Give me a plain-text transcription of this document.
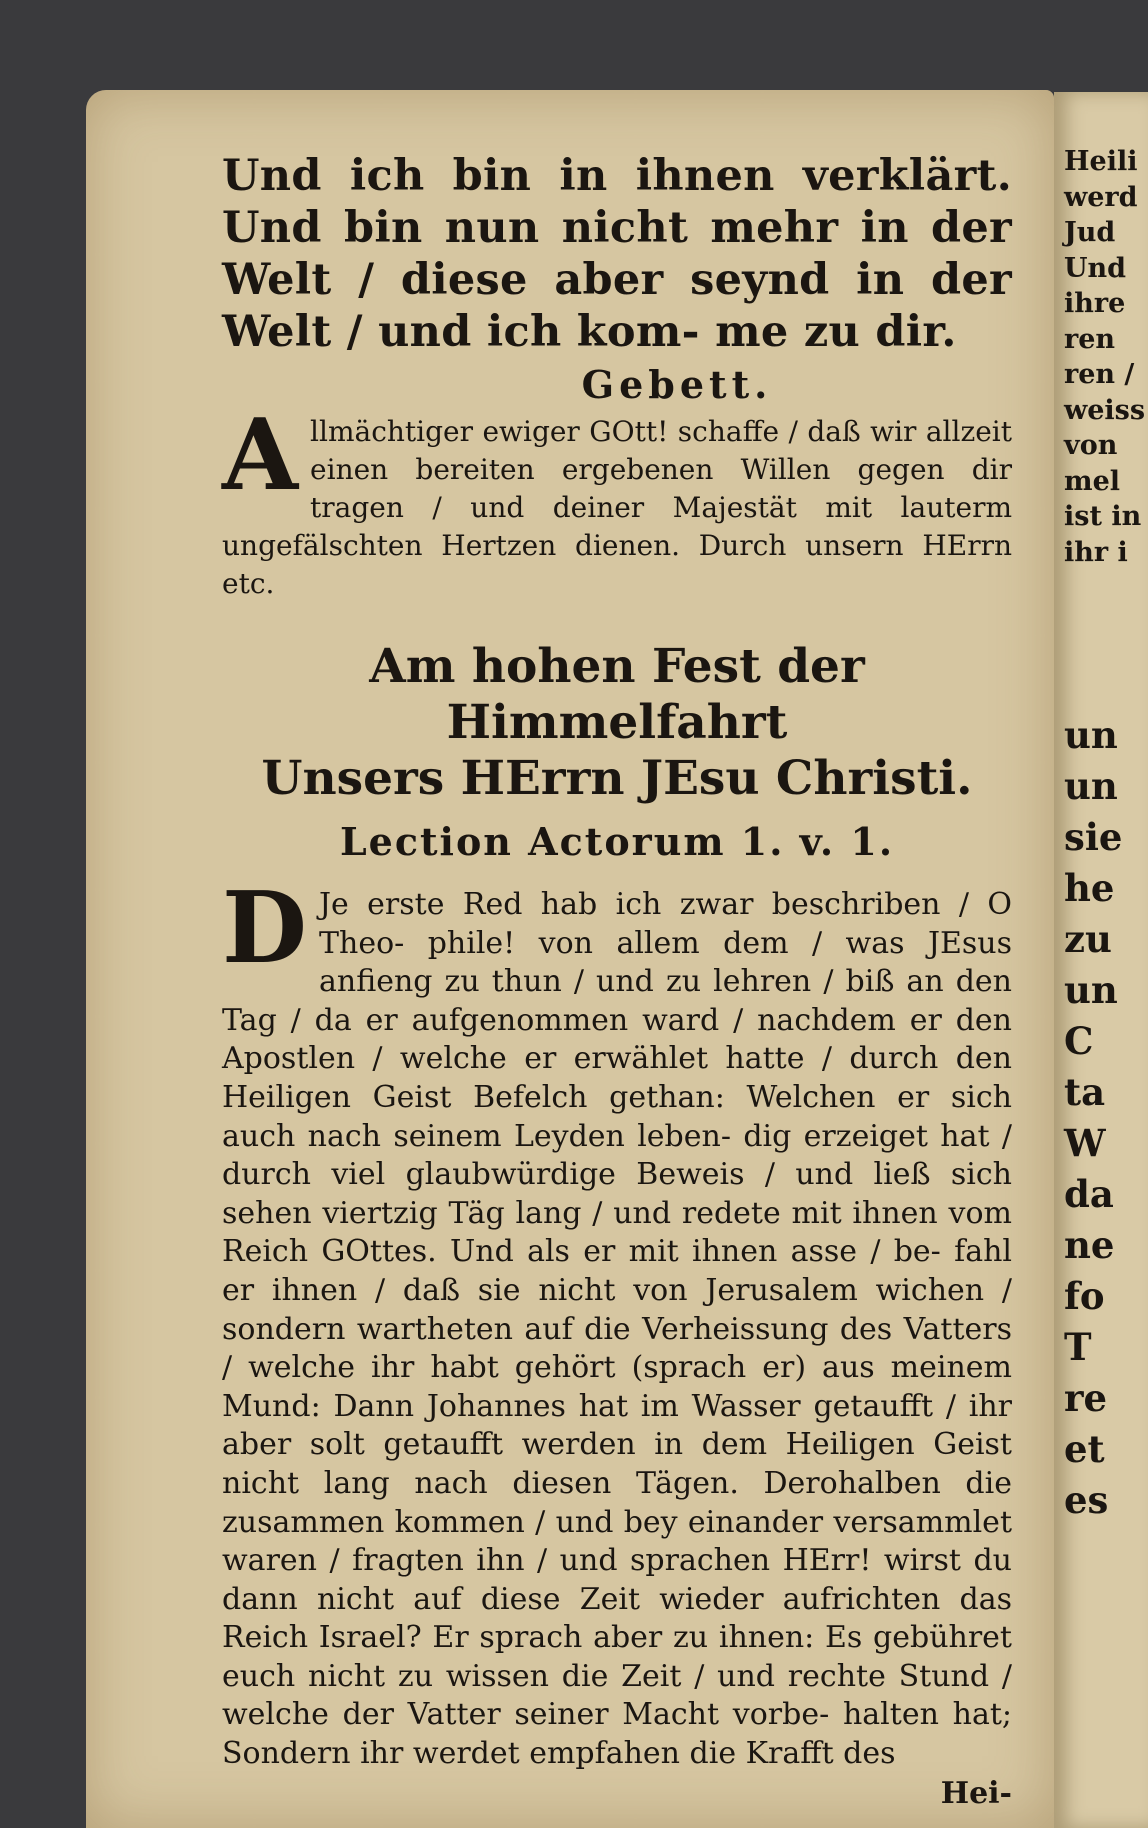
Heili
werd
Jud
Und
ihre
ren
ren /
weiss
von
mel
ist in
ihr i
un
un
sie
he
zu
un
C
ta
W
da
ne
fo
T
re
et
es

Und ich bin in ihnen verklärt. Und bin nun nicht mehr in der Welt / diese aber seynd in der Welt / und ich kom‑ me zu dir.

Gebett.
A llmächtiger ewiger GOtt! schaffe / daß wir allzeit einen bereiten ergebenen Willen gegen dir tragen / und deiner Majestät mit lauterm ungefälschten Hertzen dienen. Durch unsern HErrn etc.
Am hohen Fest der Himmelfahrt
Unsers HErrn JEsu Christi.
Lection Actorum 1. v. 1.
D Je erste Red hab ich zwar beschriben / O Theo‑ phile! von allem dem / was JEsus anfieng zu thun / und zu lehren / biß an den Tag / da er aufgenommen ward / nachdem er den Apostlen / welche er erwählet hatte / durch den Heiligen Geist Befelch gethan: Welchen er sich auch nach seinem Leyden leben‑ dig erzeiget hat / durch viel glaubwürdige Beweis / und ließ sich sehen viertzig Täg lang / und redete mit ihnen vom Reich GOttes. Und als er mit ihnen asse / be‑ fahl er ihnen / daß sie nicht von Jerusalem wichen / sondern wartheten auf die Verheissung des Vatters / welche ihr habt gehört (sprach er) aus meinem Mund: Dann Johannes hat im Wasser getaufft / ihr aber solt getaufft werden in dem Heiligen Geist nicht lang nach diesen Tägen. Derohalben die zusammen kommen / und bey einander versammlet waren / fragten ihn / und sprachen HErr! wirst du dann nicht auf diese Zeit wieder aufrichten das Reich Israel? Er sprach aber zu ihnen: Es gebühret euch nicht zu wissen die Zeit / und rechte Stund / welche der Vatter seiner Macht vorbe‑ halten hat; Sondern ihr werdet empfahen die Krafft des
Hei‑
